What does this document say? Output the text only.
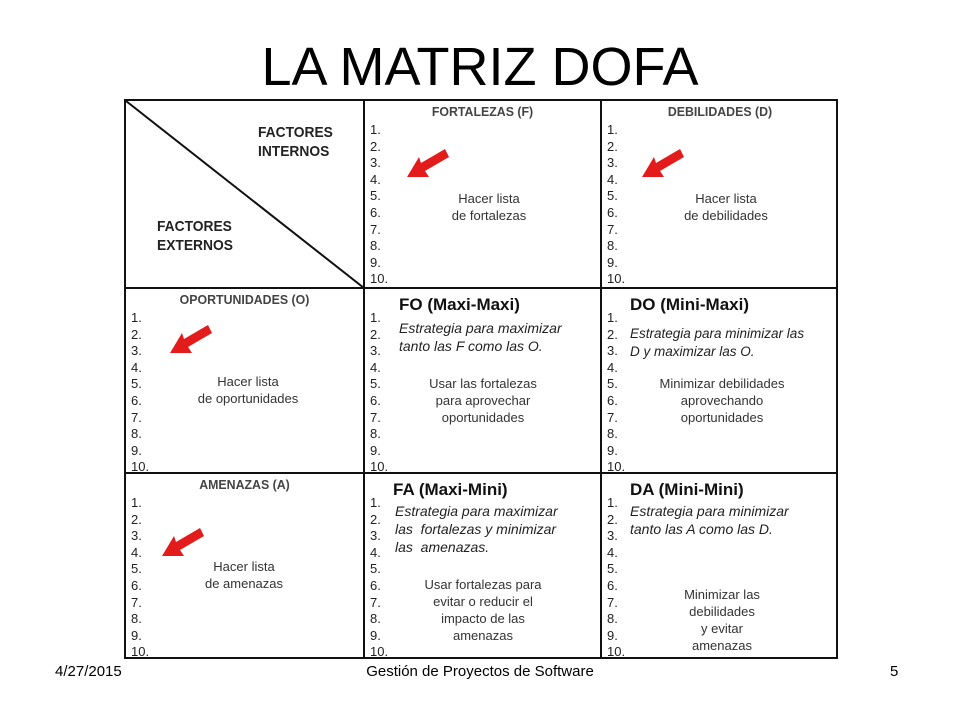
LA MATRIZ DOFA
FACTORES
INTERNOS
FACTORES
EXTERNOS
FORTALEZAS (F)
1.
2.
3.
4.
5.
6.
7.
8.
9.
10.
Hacer lista
de fortalezas
DEBILIDADES (D)
1.
2.
3.
4.
5.
6.
7.
8.
9.
10.
Hacer lista
de debilidades
OPORTUNIDADES (O)
1.
2.
3.
4.
5.
6.
7.
8.
9.
10.
Hacer lista
de oportunidades
1.
2.
3.
4.
5.
6.
7.
8.
9.
10.
FO (Maxi-Maxi)
Estrategia para maximizar
tanto las F como las O.
Usar las fortalezas
para aprovechar
oportunidades
1.
2.
3.
4.
5.
6.
7.
8.
9.
10.
DO (Mini-Maxi)
Estrategia para minimizar las
D y maximizar las O.
Minimizar debilidades
aprovechando
oportunidades
AMENAZAS (A)
1.
2.
3.
4.
5.
6.
7.
8.
9.
10.
Hacer lista
de amenazas
1.
2.
3.
4.
5.
6.
7.
8.
9.
10.
FA (Maxi-Mini)
Estrategia para maximizar
las  fortalezas y minimizar
las  amenazas.
Usar fortalezas para
evitar o reducir el
impacto de las
amenazas
1.
2.
3.
4.
5.
6.
7.
8.
9.
10.
DA (Mini-Mini)
Estrategia para minimizar
tanto las A como las D.
Minimizar las
debilidades
y evitar
amenazas
4/27/2015	Gestión de Proyectos de Software	5
